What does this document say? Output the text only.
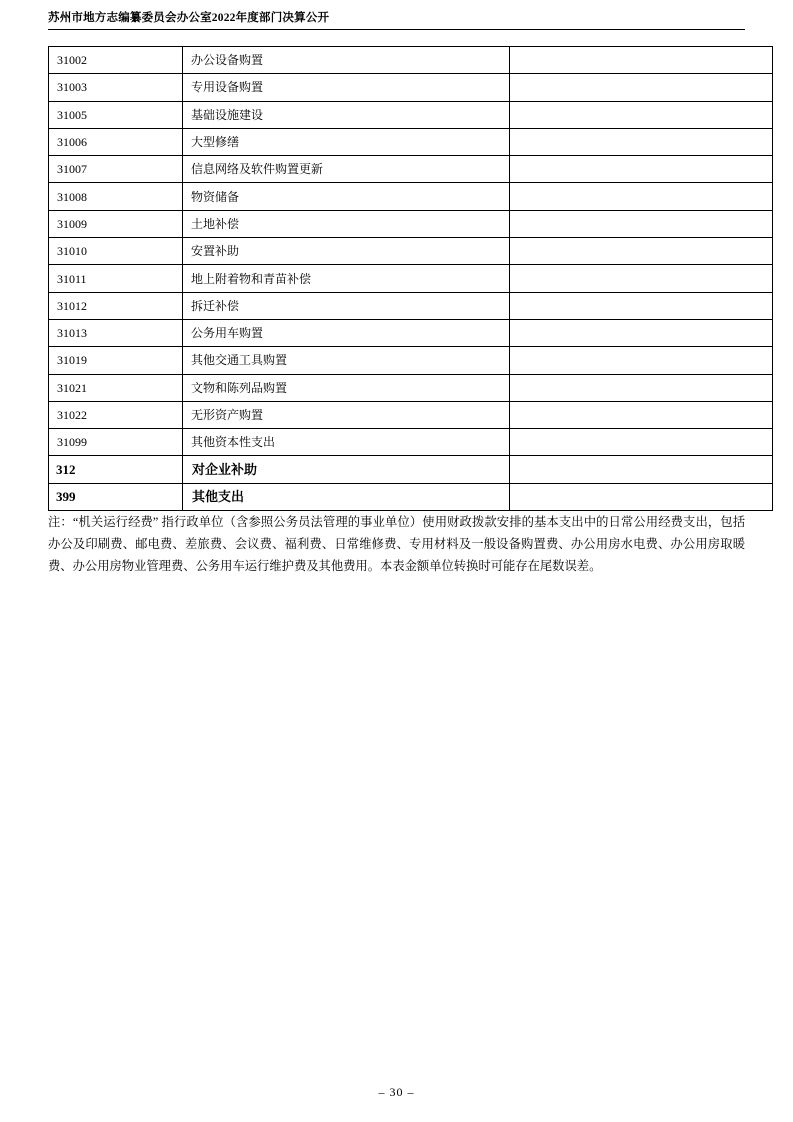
苏州市地方志编纂委员会办公室2022年度部门决算公开
31002	办公设备购置	
31003	专用设备购置	
31005	基础设施建设	
31006	大型修缮	
31007	信息网络及软件购置更新	
31008	物资储备	
31009	土地补偿	
31010	安置补助	
31011	地上附着物和青苗补偿	
31012	拆迁补偿	
31013	公务用车购置	
31019	其他交通工具购置	
31021	文物和陈列品购置	
31022	无形资产购置	
31099	其他资本性支出	
312	对企业补助	
399	其他支出	

注：“机关运行经费” 指行政单位（含参照公务员法管理的事业单位）使用财政拨款安排的基本支出中的日常公用经费支出，包括办公及印刷费、邮电费、差旅费、会议费、福利费、日常维修费、专用材料及一般设备购置费、办公用房水电费、办公用房取暖费、办公用房物业管理费、公务用车运行维护费及其他费用。本表金额单位转换时可能存在尾数误差。

– 30 –
